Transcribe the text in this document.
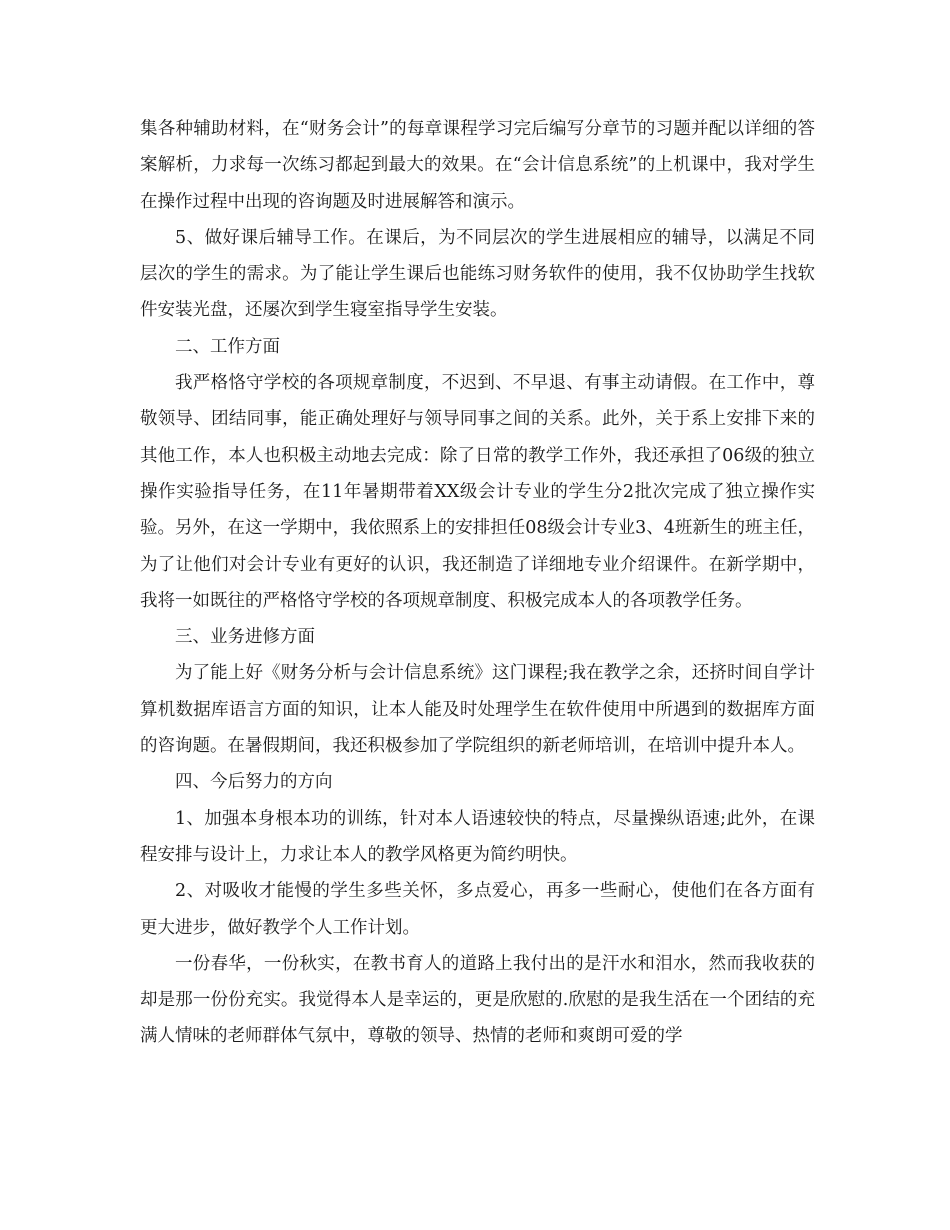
集各种辅助材料，在“财务会计”的每章课程学习完后编写分章节的习题并配以详细的答案解析，力求每一次练习都起到最大的效果。在“会计信息系统”的上机课中，我对学生在操作过程中出现的咨询题及时进展解答和演示。

5、做好课后辅导工作。在课后，为不同层次的学生进展相应的辅导，以满足不同层次的学生的需求。为了能让学生课后也能练习财务软件的使用，我不仅协助学生找软件安装光盘，还屡次到学生寝室指导学生安装。

二、工作方面

我严格恪守学校的各项规章制度，不迟到、不早退、有事主动请假。在工作中，尊敬领导、团结同事，能正确处理好与领导同事之间的关系。此外，关于系上安排下来的其他工作，本人也积极主动地去完成：除了日常的教学工作外，我还承担了06级的独立操作实验指导任务，在11年暑期带着XX级会计专业的学生分2批次完成了独立操作实验。另外，在这一学期中，我依照系上的安排担任08级会计专业3、4班新生的班主任，为了让他们对会计专业有更好的认识，我还制造了详细地专业介绍课件。在新学期中，我将一如既往的严格恪守学校的各项规章制度、积极完成本人的各项教学任务。

三、业务进修方面

为了能上好《财务分析与会计信息系统》这门课程;我在教学之余，还挤时间自学计算机数据库语言方面的知识，让本人能及时处理学生在软件使用中所遇到的数据库方面的咨询题。在暑假期间，我还积极参加了学院组织的新老师培训，在培训中提升本人。

四、今后努力的方向

1、加强本身根本功的训练，针对本人语速较快的特点，尽量操纵语速;此外，在课程安排与设计上，力求让本人的教学风格更为简约明快。

2、对吸收才能慢的学生多些关怀，多点爱心，再多一些耐心，使他们在各方面有更大进步，做好教学个人工作计划。

一份春华，一份秋实，在教书育人的道路上我付出的是汗水和泪水，然而我收获的却是那一份份充实。我觉得本人是幸运的，更是欣慰的.欣慰的是我生活在一个团结的充满人情味的老师群体气氛中，尊敬的领导、热情的老师和爽朗可爱的学
